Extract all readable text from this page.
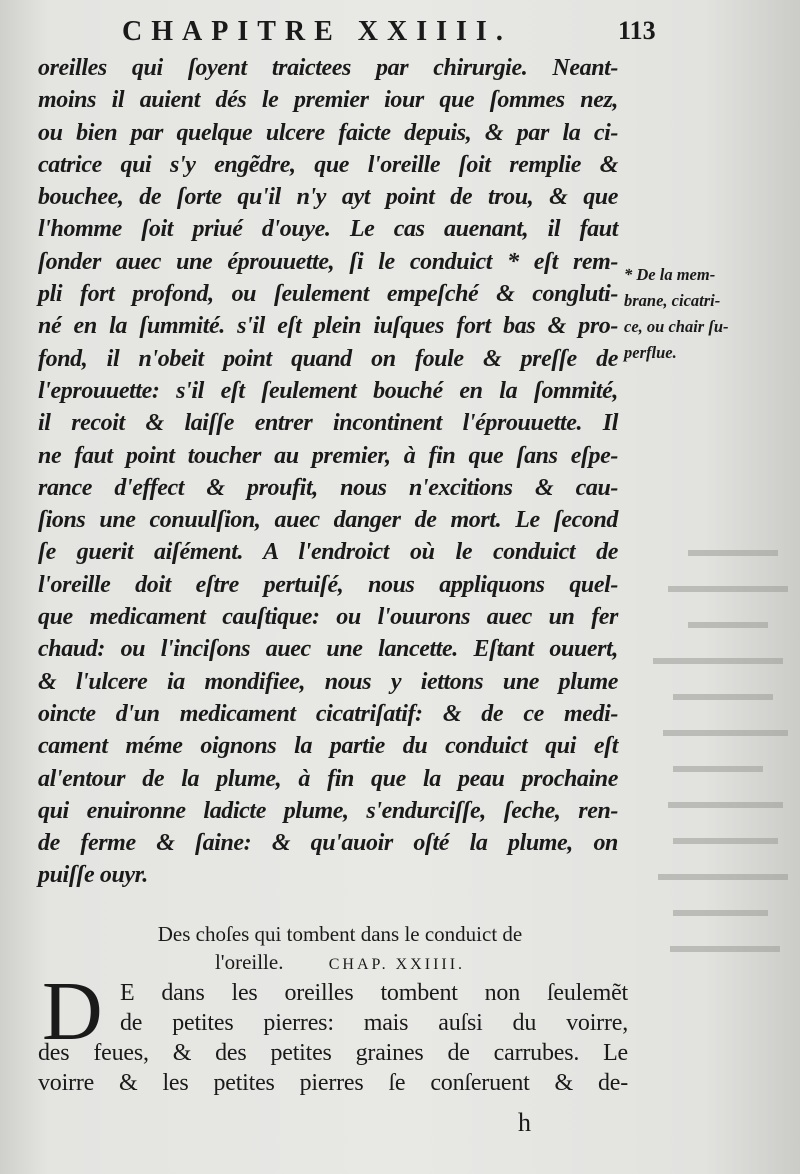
CHAPITRE XXIIII.	113
oreilles qui ſoyent traictees par chirurgie. Neant-
moins il auient dés le premier iour que ſommes nez,
ou bien par quelque ulcere faicte depuis, & par la ci-
catrice qui s'y engẽdre, que l'oreille ſoit remplie &
bouchee, de ſorte qu'il n'y ayt point de trou, & que
l'homme ſoit priué d'ouye. Le cas auenant, il faut
ſonder auec une éprouuette, ſi le conduict * eſt rem-
pli fort profond, ou ſeulement empeſché & congluti-
né en la ſummité. s'il eſt plein iuſques fort bas & pro-
fond, il n'obeit point quand on foule & preſſe de
l'eprouuette: s'il eſt ſeulement bouché en la ſommité,
il recoit & laiſſe entrer incontinent l'éprouuette. Il
ne faut point toucher au premier, à fin que ſans eſpe-
rance d'effect & proufit, nous n'excitions & cau-
ſions une conuulſion, auec danger de mort. Le ſecond
ſe guerit aiſément. A l'endroict où le conduict de
l'oreille doit eſtre pertuiſé, nous appliquons quel-
que medicament cauſtique: ou l'ouurons auec un fer
chaud: ou l'inciſons auec une lancette. Eſtant ouuert,
& l'ulcere ia mondifiee, nous y iettons une plume
oincte d'un medicament cicatriſatif: & de ce medi-
cament méme oignons la partie du conduict qui eſt
al'entour de la plume, à fin que la peau prochaine
qui enuironne ladicte plume, s'endurciſſe, ſeche, ren-
de ferme & ſaine: & qu'auoir oſté la plume, on
puiſſe ouyr.
* De la mem-
brane, cicatri-
ce, ou chair ſu-
perflue.
Des choſes qui tombent dans le conduict de
l'oreille.	CHAP. XXIIII.
D E dans les oreilles tombent non ſeulemẽt
de petites pierres: mais auſsi du voirre,
des feues, & des petites graines de carrubes. Le
voirre & les petites pierres ſe conſeruent & de-
h
